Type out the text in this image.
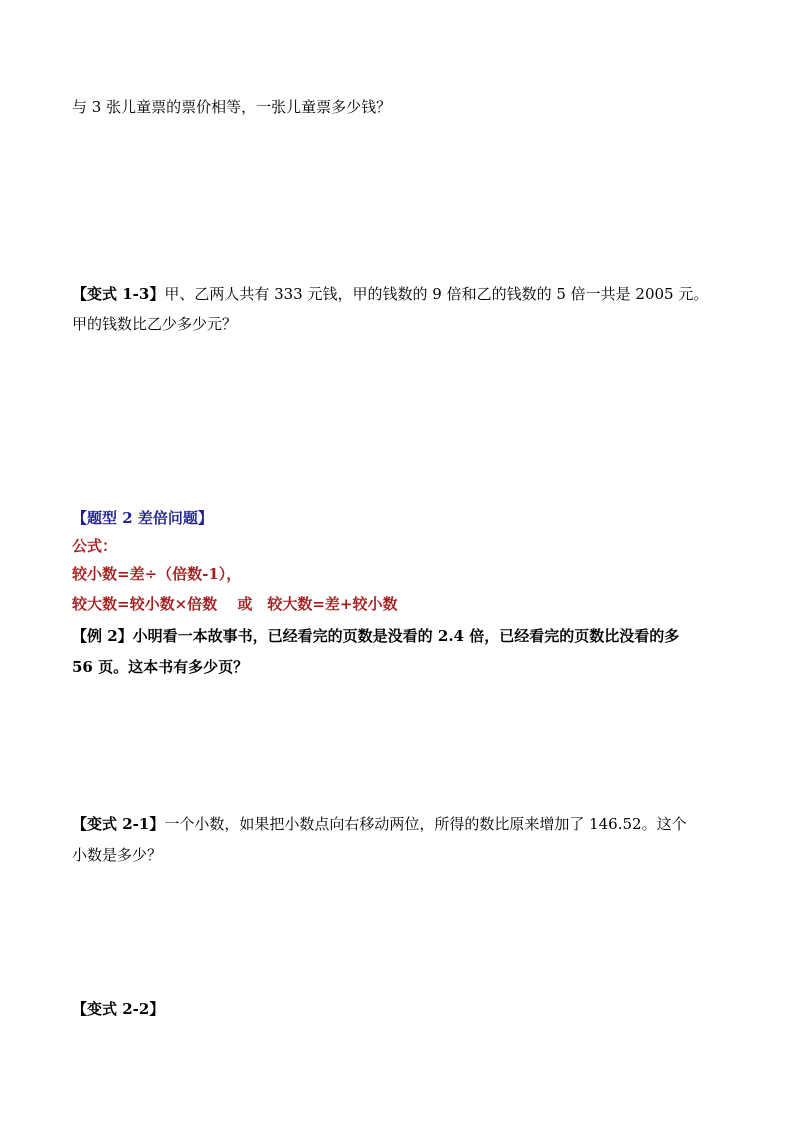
与 3 张儿童票的票价相等，一张儿童票多少钱？
【变式 1-3】甲、乙两人共有 333 元钱，甲的钱数的 9 倍和乙的钱数的 5 倍一共是 2005 元。
甲的钱数比乙少多少元？
【题型 2 差倍问题】
公式：
较小数=差÷（倍数-1），
较大数=较小数×倍数　 或　较大数=差+较小数
【例 2】小明看一本故事书，已经看完的页数是没看的 2.4 倍，已经看完的页数比没看的多
56 页。这本书有多少页？
【变式 2-1】一个小数，如果把小数点向右移动两位，所得的数比原来增加了 146.52。这个
小数是多少？
【变式 2-2】
